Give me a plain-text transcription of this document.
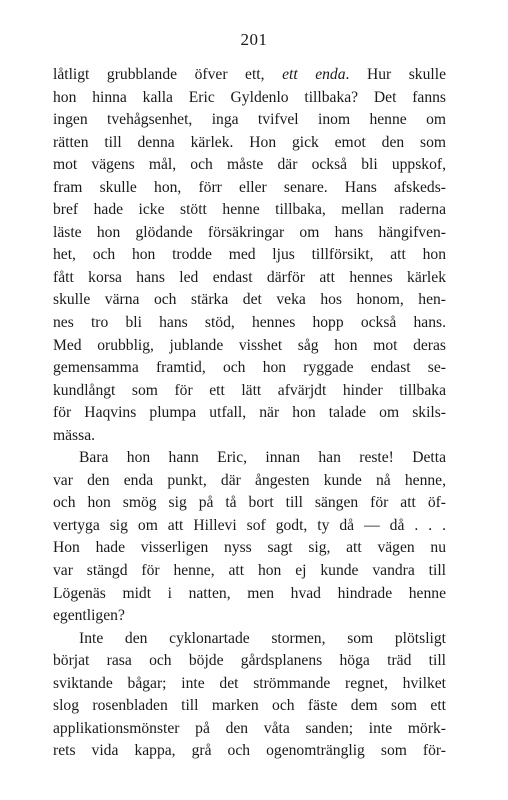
201
låtligt grubblande öfver ett, ett enda. Hur skulle
hon hinna kalla Eric Gyldenlo tillbaka? Det fanns
ingen tvehågsenhet, inga tvifvel inom henne om
rätten till denna kärlek. Hon gick emot den som
mot vägens mål, och måste där också bli uppskof,
fram skulle hon, förr eller senare. Hans afskeds-
bref hade icke stött henne tillbaka, mellan raderna
läste hon glödande försäkringar om hans hängifven-
het, och hon trodde med ljus tillförsikt, att hon
fått korsa hans led endast därför att hennes kärlek
skulle värna och stärka det veka hos honom, hen-
nes tro bli hans stöd, hennes hopp också hans.
Med orubblig, jublande visshet såg hon mot deras
gemensamma framtid, och hon ryggade endast se-
kundlångt som för ett lätt afvärjdt hinder tillbaka
för Haqvins plumpa utfall, när hon talade om skils-
mässa.
Bara hon hann Eric, innan han reste! Detta
var den enda punkt, där ångesten kunde nå henne,
och hon smög sig på tå bort till sängen för att öf-
vertyga sig om att Hillevi sof godt, ty då — då . . .
Hon hade visserligen nyss sagt sig, att vägen nu
var stängd för henne, att hon ej kunde vandra till
Lögenäs midt i natten, men hvad hindrade henne
egentligen?
Inte den cyklonartade stormen, som plötsligt
börjat rasa och böjde gårdsplanens höga träd till
sviktande bågar; inte det strömmande regnet, hvilket
slog rosenbladen till marken och fäste dem som ett
applikationsmönster på den våta sanden; inte mörk-
rets vida kappa, grå och ogenomtränglig som för-
